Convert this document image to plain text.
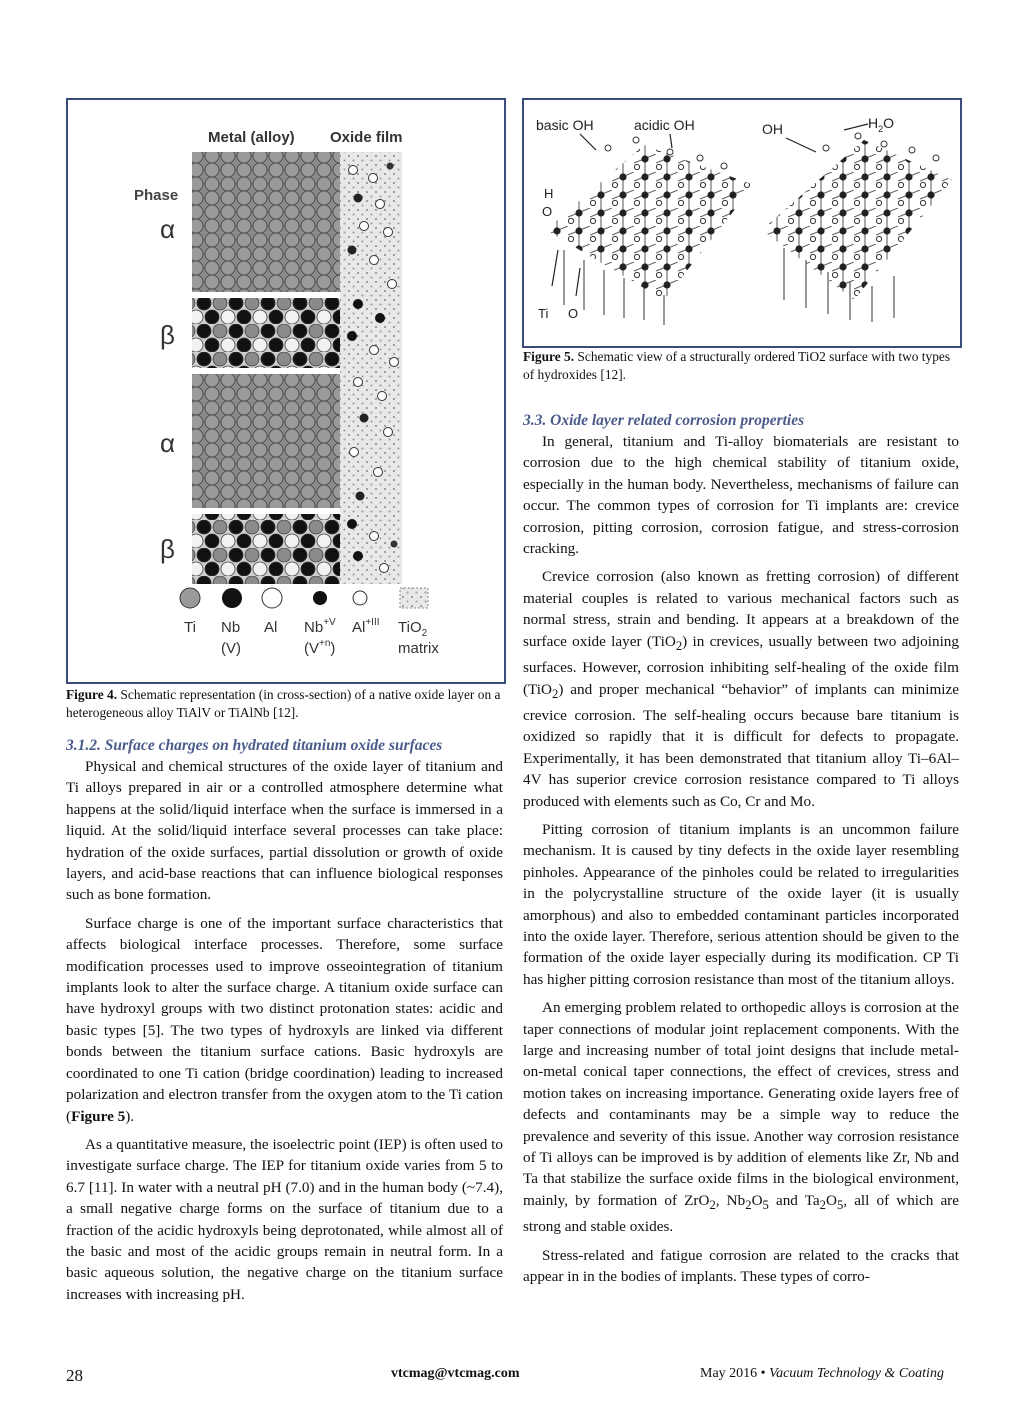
Metal (alloy) Oxide film
Phase
α
β
α
β
Ti Nb Al $Nb^{+V}$ $Al^{+III}$ TiO$_2$
(V)	$(V^{+n})$	matrix
Figure 4. Schematic representation (in cross-section) of a native oxide layer on a heterogeneous alloy TiAlV or TiAlNb [12].
basic OH	acidic OH	OH	$H_2O$
H
O
Ti O
Figure 5. Schematic view of a structurally ordered TiO2 surface with two types of hydroxides [12].
3.1.2. Surface charges on hydrated titanium oxide surfaces

Physical and chemical structures of the oxide layer of titanium and Ti alloys prepared in air or a controlled atmosphere determine what happens at the solid/liquid interface when the surface is immersed in a liquid. At the solid/liquid interface several processes can take place: hydration of the oxide surfaces, partial dissolution or growth of oxide layers, and acid-base reactions that can influence biological responses such as bone formation.

Surface charge is one of the important surface characteristics that affects biological interface processes. Therefore, some surface modification processes used to improve osseointegration of titanium implants look to alter the surface charge. A titanium oxide surface can have hydroxyl groups with two distinct protonation states: acidic and basic types [5]. The two types of hydroxyls are linked via different bonds between the titanium surface cations. Basic hydroxyls are coordinated to one Ti cation (bridge coordination) leading to increased polarization and electron transfer from the oxygen atom to the Ti cation (Figure 5).

As a quantitative measure, the isoelectric point (IEP) is often used to investigate surface charge. The IEP for titanium oxide varies from 5 to 6.7 [11]. In water with a neutral pH (7.0) and in the human body (~7.4), a small negative charge forms on the surface of titanium due to a fraction of the acidic hydroxyls being deprotonated, while almost all of the basic and most of the acidic groups remain in neutral form. In a basic aqueous solution, the negative charge on the titanium surface increases with increasing pH.

3.3. Oxide layer related corrosion properties

In general, titanium and Ti-alloy biomaterials are resistant to corrosion due to the high chemical stability of titanium oxide, especially in the human body. Nevertheless, mechanisms of failure can occur. The common types of corrosion for Ti implants are: crevice corrosion, pitting corrosion, corrosion fatigue, and stress-corrosion cracking.

Crevice corrosion (also known as fretting corrosion) of different material couples is related to various mechanical factors such as normal stress, strain and bending. It appears at a breakdown of the surface oxide layer (TiO$_2$) in crevices, usually between two adjoining surfaces. However, corrosion inhibiting self-healing of the oxide film (TiO$_2$) and proper mechanical “behavior” of implants can minimize crevice corrosion. The self-healing occurs because bare titanium is oxidized so rapidly that it is difficult for defects to propagate. Experimentally, it has been demonstrated that titanium alloy Ti–6Al–4V has superior crevice corrosion resistance compared to Ti alloys produced with elements such as Co, Cr and Mo.

Pitting corrosion of titanium implants is an uncommon failure mechanism. It is caused by tiny defects in the oxide layer resembling pinholes. Appearance of the pinholes could be related to irregularities in the polycrystalline structure of the oxide layer (it is usually amorphous) and also to embedded contaminant particles incorporated into the oxide layer. Therefore, serious attention should be given to the formation of the oxide layer especially during its modification. CP Ti has higher pitting corrosion resistance than most of the titanium alloys.

An emerging problem related to orthopedic alloys is corrosion at the taper connections of modular joint replacement components. With the large and increasing number of total joint designs that include metal-on-metal conical taper connections, the effect of crevices, stress and motion takes on increasing importance. Generating oxide layers free of defects and contaminants may be a simple way to reduce the prevalence and severity of this issue. Another way corrosion resistance of Ti alloys can be improved is by addition of elements like Zr, Nb and Ta that stabilize the surface oxide films in the biological environment, mainly, by formation of ZrO$_2$, $Nb_2O_5$ and $Ta_2O_5$, all of which are strong and stable oxides.

Stress-related and fatigue corrosion are related to the cracks that appear in in the bodies of implants. These types of corro-

28	vtcmag@vtcmag.com	May 2016 • Vacuum Technology & Coating
